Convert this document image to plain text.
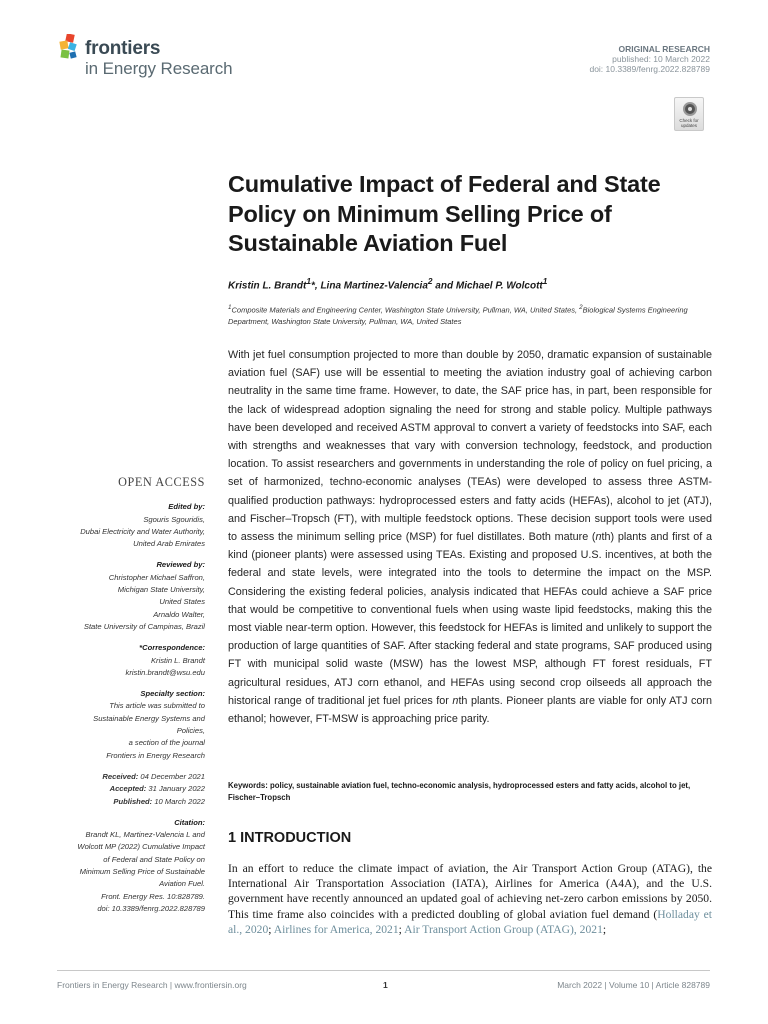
frontiers
in Energy Research
ORIGINAL RESEARCH
published: 10 March 2022
doi: 10.3389/fenrg.2022.828789
Check for updates
Cumulative Impact of Federal and State Policy on Minimum Selling Price of Sustainable Aviation Fuel
Kristin L. Brandt$^1$*, Lina Martinez-Valencia$^2$ and Michael P. Wolcott$^1$
$^1$Composite Materials and Engineering Center, Washington State University, Pullman, WA, United States, $^2$Biological Systems Engineering Department, Washington State University, Pullman, WA, United States

With jet fuel consumption projected to more than double by 2050, dramatic expansion of sustainable aviation fuel (SAF) use will be essential to meeting the aviation industry goal of achieving carbon neutrality in the same time frame. However, to date, the SAF price has, in part, been responsible for the lack of widespread adoption signaling the need for strong and stable policy. Multiple pathways have been developed and received ASTM approval to convert a variety of feedstocks into SAF, each with strengths and weaknesses that vary with conversion technology, feedstock, and production location. To assist researchers and governments in understanding the role of policy on fuel pricing, a set of harmonized, techno-economic analyses (TEAs) were developed to assess three ASTM-qualified production pathways: hydroprocessed esters and fatty acids (HEFAs), alcohol to jet (ATJ), and Fischer–Tropsch (FT), with multiple feedstock options. These decision support tools were used to assess the minimum selling price (MSP) for fuel distillates. Both mature (nth) plants and first of a kind (pioneer plants) were assessed using TEAs. Existing and proposed U.S. incentives, at both the federal and state levels, were integrated into the tools to determine the impact on the MSP. Considering the existing federal policies, analysis indicated that HEFAs could achieve a SAF price that would be competitive to conventional fuels when using waste lipid feedstocks, making this the most viable near-term option. However, this feedstock for HEFAs is limited and unlikely to support the production of large quantities of SAF. After stacking federal and state programs, SAF produced using FT with municipal solid waste (MSW) has the lowest MSP, although FT forest residuals, FT agricultural residues, ATJ corn ethanol, and HEFAs using second crop oilseeds all approach the historical range of traditional jet fuel prices for nth plants. Pioneer plants are viable for only ATJ corn ethanol; however, FT-MSW is approaching price parity.

Keywords: policy, sustainable aviation fuel, techno-economic analysis, hydroprocessed esters and fatty acids, alcohol to jet, Fischer–Tropsch

1 INTRODUCTION

In an effort to reduce the climate impact of aviation, the Air Transport Action Group (ATAG), the International Air Transportation Association (IATA), Airlines for America (A4A), and the U.S. government have recently announced an updated goal of achieving net-zero carbon emissions by 2050. This time frame also coincides with a predicted doubling of global aviation fuel demand (Holladay et al., 2020; Airlines for America, 2021; Air Transport Action Group (ATAG), 2021;

OPEN ACCESS
Edited by:
Sgouris Sgouridis,
Dubai Electricity and Water Authority,
United Arab Emirates
Reviewed by:
Christopher Michael Saffron,
Michigan State University,
United States
Arnaldo Walter,
State University of Campinas, Brazil
*Correspondence:
Kristin L. Brandt
kristin.brandt@wsu.edu
Specialty section:
This article was submitted to
Sustainable Energy Systems and
Policies,
a section of the journal
Frontiers in Energy Research
Received: 04 December 2021
Accepted: 31 January 2022
Published: 10 March 2022
Citation:
Brandt KL, Martinez-Valencia L and
Wolcott MP (2022) Cumulative Impact
of Federal and State Policy on
Minimum Selling Price of Sustainable
Aviation Fuel.
Front. Energy Res. 10:828789.
doi: 10.3389/fenrg.2022.828789
Frontiers in Energy Research | www.frontiersin.org	1	March 2022 | Volume 10 | Article 828789
